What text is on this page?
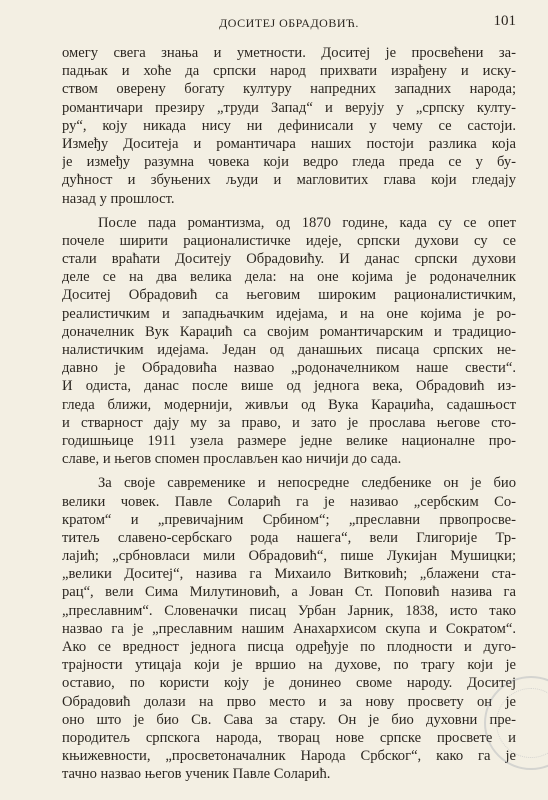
ДОСИТЕЈ ОБРАДОВИЋ.	101
омегу свега знања и уметности. Доситеј је просвећени за-
падњак и хоће да српски народ прихвати израђену и иску-
ством оверену богату културу напредних западних народа;
романтичари презиру „труди Запад“ и верују у „српску култу-
ру“, коју никада нису ни дефинисали у чему се састоји.
Између Доситеја и романтичара наших постоји разлика која
је између разумна човека који ведро гледа преда се у бу-
дућност и збуњених људи и магловитих глава који гледају
назад у прошлост.
После пада романтизма, од 1870 године, када су се опет
почеле ширити рационалистичке идеје, српски духови су се
стали враћати Доситеју Обрадовићу. И данас српски духови
деле се на два велика дела: на оне којима је родоначелник
Доситеј Обрадовић са његовим широким рационалистичким,
реалистичким и западњачким идејама, и на оне којима је ро-
доначелник Вук Караџић са својим романтичарским и традицио-
налистичким идејама. Један од данашњих писаца српских не-
давно је Обрадовића назвао „родоначелником наше свести“.
И одиста, данас после више од једнога века, Обрадовић из-
гледа ближи, модернији, живљи од Вука Караџића, садашњост
и стварност дају му за право, и зато је прослава његове сто-
годишњице 1911 узела размере једне велике националне про-
славе, и његов спомен прослављен као ничији до сада.
За своје савременике и непосредне следбенике он је био
велики човек. Павле Соларић га је називао „сербским Со-
кратом“ и „превичајним Србином“; „преславни првопросве-
титељ славено-сербскаго рода нашега“, вели Глигорије Тр-
лајић; „србновласи мили Обрадовић“, пише Лукијан Мушицки;
„велики Доситеј“, назива га Михаило Витковић; „блажени ста-
рац“, вели Сима Милутиновић, а Јован Ст. Поповић назива га
„преславним“. Словеначки писац Урбан Јарник, 1838, исто тако
назвао га је „преславним нашим Анахархисом скупа и Сократом“.
Ако се вредност једнога писца одређује по плодности и дуго-
трајности утицаја који је вршио на духове, по трагу који је
оставио, по користи коју је донинео своме народу. Доситеј
Обрадовић долази на прво место и за нову просвету он је
оно што је био Св. Сава за стару. Он је био духовни пре-
породитељ српскога народа, творац нове српске просвете и
књижевности, „просветоначалник Народа Србског“, како га је
тачно назвао његов ученик Павле Соларић.
